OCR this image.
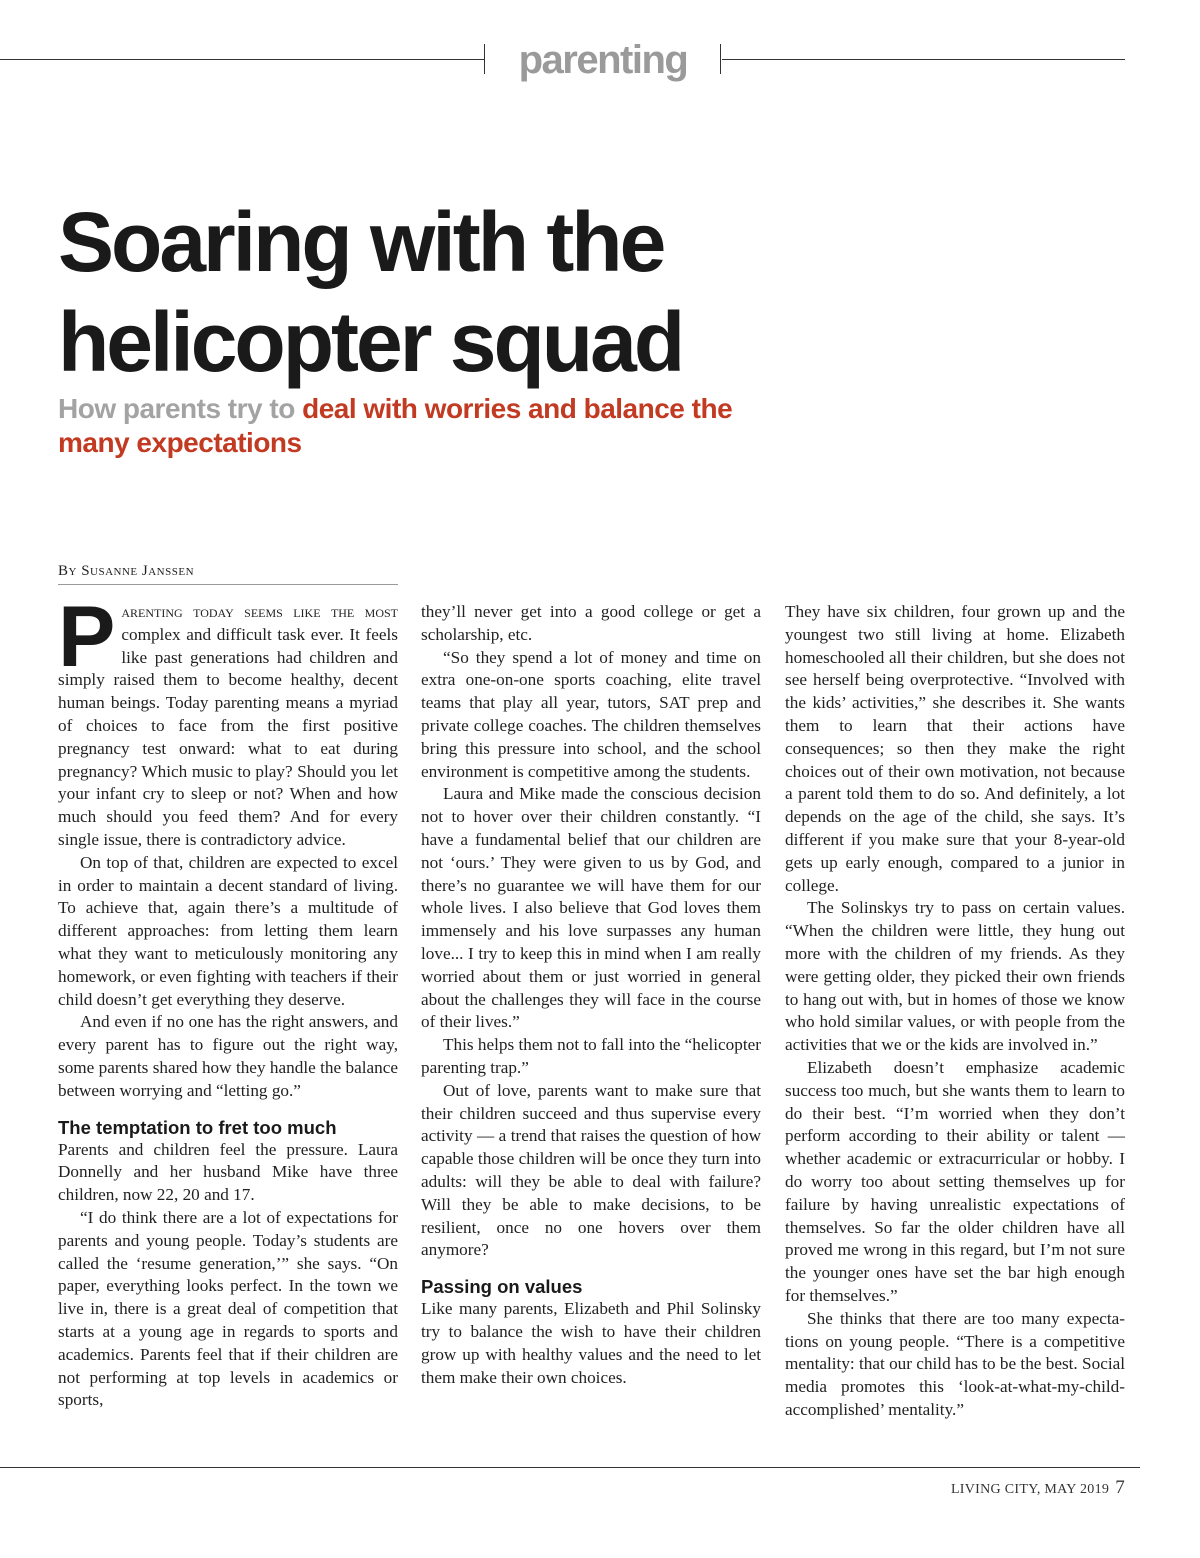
parenting
Soaring with the helicopter squad
How parents try to deal with worries and balance the many expectations
By Susanne Janssen

Parenting today seems like the most complex and difficult task ever. It feels like past generations had children and simply raised them to become healthy, decent human beings. Today parenting means a myriad of choices to face from the first positive pregnancy test onward: what to eat during pregnancy? Which music to play? Should you let your infant cry to sleep or not? When and how much should you feed them? And for every single issue, there is contradictory advice.

On top of that, children are expected to excel in order to maintain a decent standard of living. To achieve that, again there’s a multitude of different approaches: from letting them learn what they want to meticulously monitoring any homework, or even fighting with teachers if their child doesn’t get everything they deserve.

And even if no one has the right answers, and every parent has to figure out the right way, some parents shared how they handle the balance between worrying and “letting go.”

The temptation to fret too much

Parents and children feel the pressure. Laura Donnelly and her husband Mike have three children, now 22, 20 and 17.

“I do think there are a lot of expectations for parents and young people. Today’s students are called the ‘resume generation,’” she says. “On paper, everything looks perfect. In the town we live in, there is a great deal of competition that starts at a young age in regards to sports and academics. Parents feel that if their children are not performing at top levels in academics or sports,

they’ll never get into a good college or get a scholarship, etc.

“So they spend a lot of money and time on extra one-on-one sports coaching, elite travel teams that play all year, tutors, SAT prep and private college coaches. The children themselves bring this pressure into school, and the school environment is competitive among the students.

Laura and Mike made the conscious decision not to hover over their children constantly. “I have a fundamental belief that our children are not ‘ours.’ They were given to us by God, and there’s no guarantee we will have them for our whole lives. I also believe that God loves them immensely and his love surpasses any human love... I try to keep this in mind when I am really worried about them or just worried in general about the challenges they will face in the course of their lives.”

This helps them not to fall into the “helicopter parenting trap.”

Out of love, parents want to make sure that their children succeed and thus supervise every activity — a trend that raises the question of how capable those children will be once they turn into adults: will they be able to deal with failure? Will they be able to make decisions, to be resilient, once no one hovers over them anymore?

Passing on values

Like many parents, Elizabeth and Phil Solinsky try to balance the wish to have their children grow up with healthy values and the need to let them make their own choices.

They have six children, four grown up and the youngest two still living at home. Elizabeth homeschooled all their children, but she does not see herself being overprotective. “Involved with the kids’ activities,” she describes it. She wants them to learn that their actions have consequences; so then they make the right choices out of their own motivation, not because a parent told them to do so. And definitely, a lot depends on the age of the child, she says. It’s different if you make sure that your 8-year-old gets up early enough, compared to a junior in college.

The Solinskys try to pass on certain values. “When the children were little, they hung out more with the children of my friends. As they were getting older, they picked their own friends to hang out with, but in homes of those we know who hold similar values, or with people from the activities that we or the kids are involved in.”

Elizabeth doesn’t emphasize academic success too much, but she wants them to learn to do their best. “I’m worried when they don’t perform according to their ability or talent — whether academic or extracurricular or hobby. I do worry too about setting themselves up for failure by having unrealistic expectations of themselves. So far the older children have all proved me wrong in this regard, but I’m not sure the younger ones have set the bar high enough for themselves.”

She thinks that there are too many expectations on young people. “There is a competitive mentality: that our child has to be the best. Social media promotes this ‘look-at-what-my-child-accomplished’ mentality.”

LIVING CITY, MAY 2019 7
